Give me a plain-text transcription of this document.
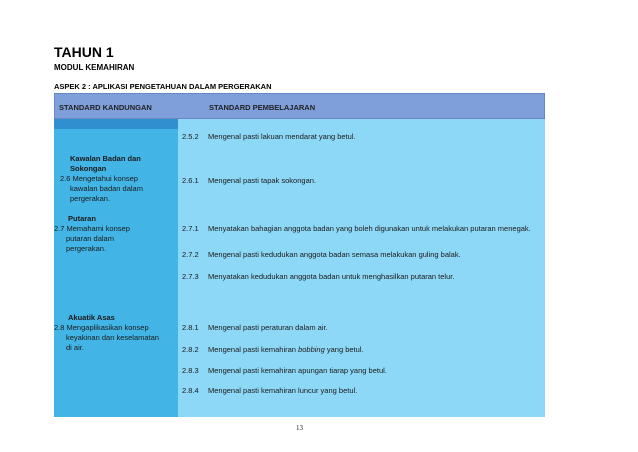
TAHUN 1
MODUL KEMAHIRAN
ASPEK 2 : APLIKASI PENGETAHUAN DALAM PERGERAKAN
STANDARD KANDUNGAN	STANDARD PEMBELAJARAN
Kawalan Badan dan
Sokongan
2.6 Mengetahui konsep
kawalan badan dalam
pergerakan.
Putaran
2.7 Memahami konsep
putaran dalam
pergerakan.
Akuatik Asas
2.8 Mengaplikasikan konsep
keyakinan dan keselamatan
di air.
2.5.2 Mengenal pasti lakuan mendarat yang betul.
2.6.1 Mengenal pasti tapak sokongan.
2.7.1 Menyatakan bahagian anggota badan yang boleh digunakan untuk melakukan putaran menegak.
2.7.2 Mengenal pasti kedudukan anggota badan semasa melakukan guling balak.
2.7.3 Menyatakan kedudukan anggota badan untuk menghasilkan putaran telur.
2.8.1 Mengenal pasti peraturan dalam air.
2.8.2 Mengenal pasti kemahiran bobbing yang betul.
2.8.3 Mengenal pasti kemahiran apungan tiarap yang betul.
2.8.4 Mengenal pasti kemahiran luncur yang betul.
13
